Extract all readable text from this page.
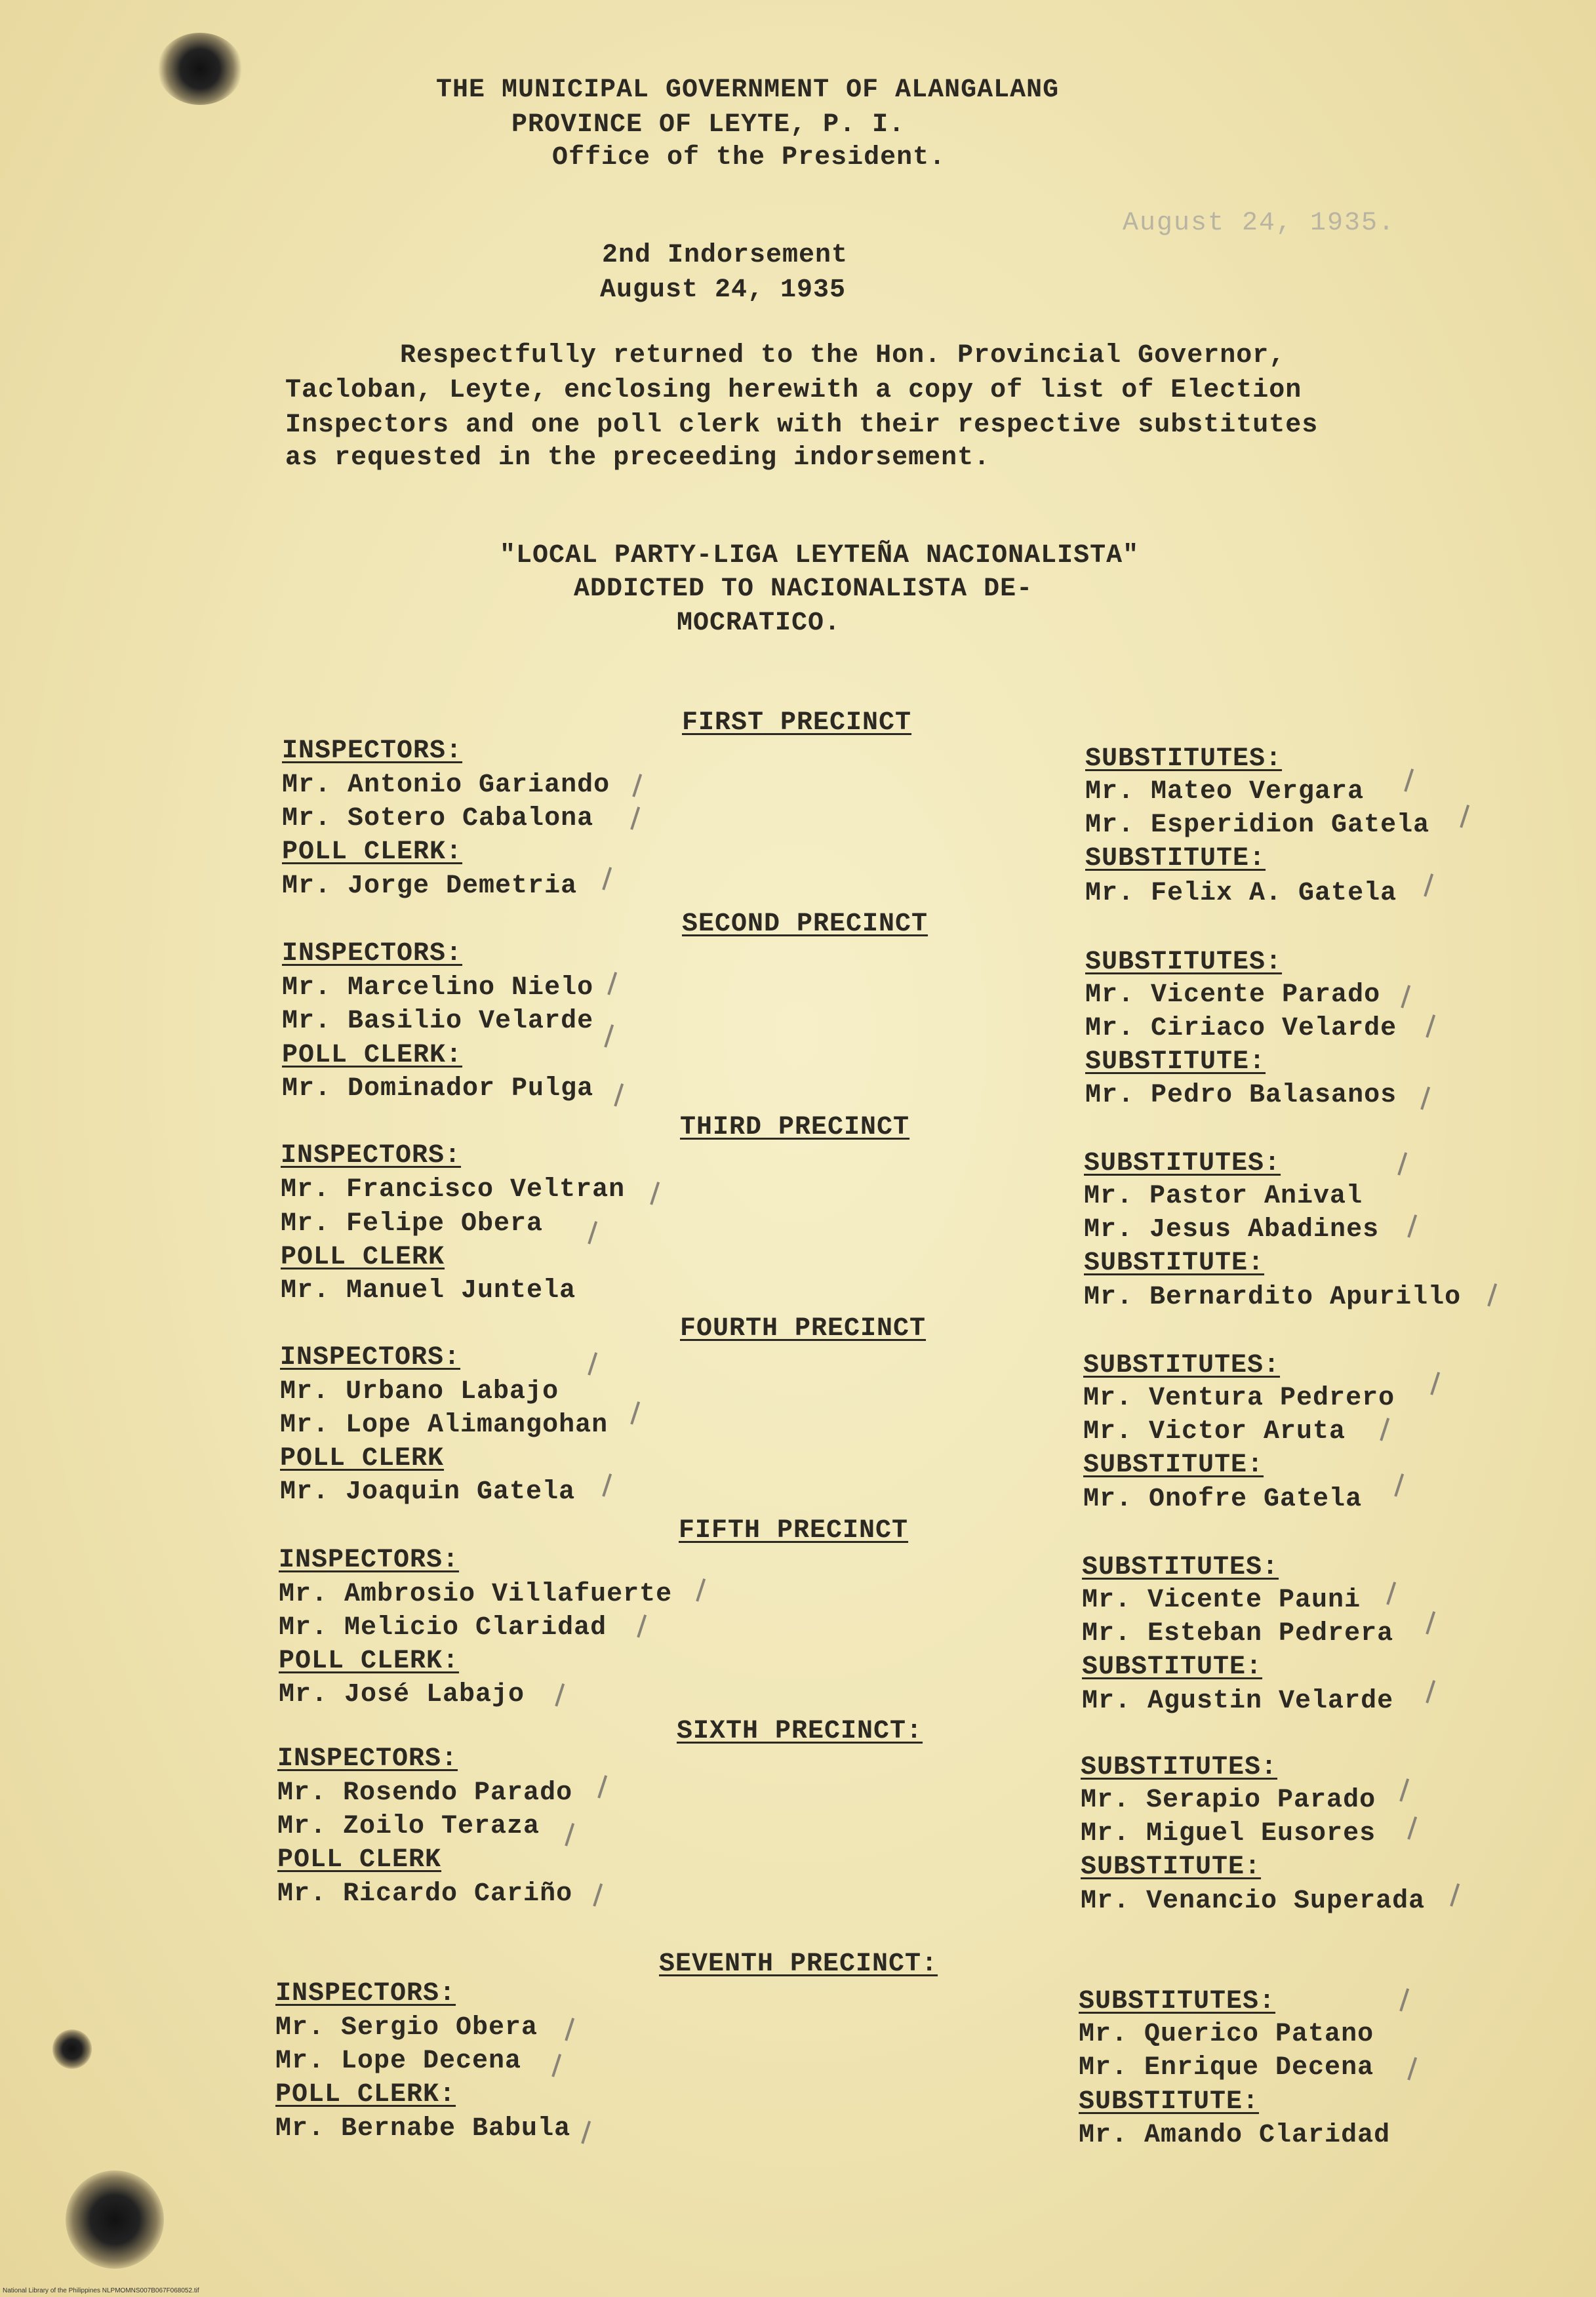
THE MUNICIPAL GOVERNMENT OF ALANGALANG
PROVINCE OF LEYTE, P. I.
Office of the President.
August 24, 1935.
2nd Indorsement
August 24, 1935
Respectfully returned to the Hon. Provincial Governor,
Tacloban, Leyte, enclosing herewith a copy of list of Election
Inspectors and one poll clerk with their respective substitutes
as requested in the preceeding indorsement.
"LOCAL PARTY-LIGA LEYTEÑA NACIONALISTA"
ADDICTED TO NACIONALISTA DE-
MOCRATICO.
FIRST PRECINCT
INSPECTORS:
Mr. Antonio Gariando
Mr. Sotero Cabalona
POLL CLERK:
Mr. Jorge Demetria
SUBSTITUTES:
Mr. Mateo Vergara
Mr. Esperidion Gatela
SUBSTITUTE:
Mr. Felix A. Gatela
SECOND PRECINCT
INSPECTORS:
Mr. Marcelino Nielo
Mr. Basilio Velarde
POLL CLERK:
Mr. Dominador Pulga
SUBSTITUTES:
Mr. Vicente Parado
Mr. Ciriaco Velarde
SUBSTITUTE:
Mr. Pedro Balasanos
THIRD PRECINCT
INSPECTORS:
Mr. Francisco Veltran
Mr. Felipe Obera
POLL CLERK
Mr. Manuel Juntela
SUBSTITUTES:
Mr. Pastor Anival
Mr. Jesus Abadines
SUBSTITUTE:
Mr. Bernardito Apurillo
FOURTH PRECINCT
INSPECTORS:
Mr. Urbano Labajo
Mr. Lope Alimangohan
POLL CLERK
Mr. Joaquin Gatela
SUBSTITUTES:
Mr. Ventura Pedrero
Mr. Victor Aruta
SUBSTITUTE:
Mr. Onofre Gatela
FIFTH PRECINCT
INSPECTORS:
Mr. Ambrosio Villafuerte
Mr. Melicio Claridad
POLL CLERK:
Mr. José Labajo
SUBSTITUTES:
Mr. Vicente Pauni
Mr. Esteban Pedrera
SUBSTITUTE:
Mr. Agustin Velarde
SIXTH PRECINCT:
INSPECTORS:
Mr. Rosendo Parado
Mr. Zoilo Teraza
POLL CLERK
Mr. Ricardo Cariño
SUBSTITUTES:
Mr. Serapio Parado
Mr. Miguel Eusores
SUBSTITUTE:
Mr. Venancio Superada
SEVENTH PRECINCT:
INSPECTORS:
Mr. Sergio Obera
Mr. Lope Decena
POLL CLERK:
Mr. Bernabe Babula
SUBSTITUTES:
Mr. Querico Patano
Mr. Enrique Decena
SUBSTITUTE:
Mr. Amando Claridad
National Library of the Philippines NLPMOMNS007B067F068052.tif
